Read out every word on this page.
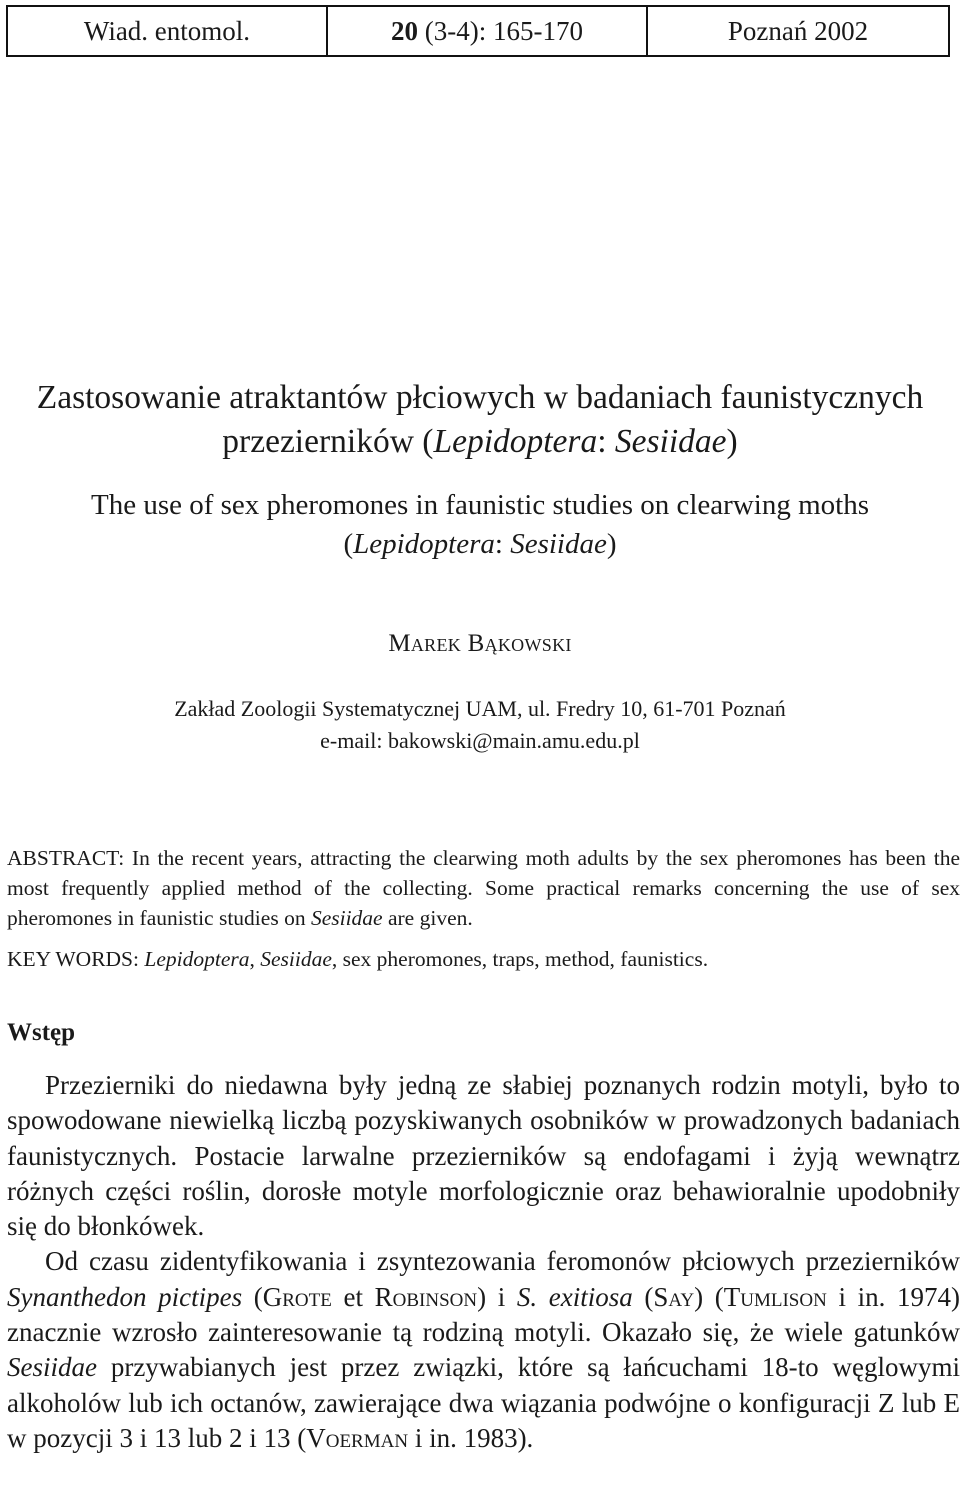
Wiad. entomol.	20
(3-4): 165-170	Poznań 2002
Zastosowanie atraktantów płciowych w badaniach faunistycznych
przezierników (Lepidoptera: Sesiidae)
The use of sex pheromones in faunistic studies on clearwing moths
(Lepidoptera: Sesiidae)
Marek Bąkowski
Zakład Zoologii Systematycznej UAM, ul. Fredry 10, 61-701 Poznań
e-mail: bakowski@main.amu.edu.pl
ABSTRACT: In the recent years, attracting the clearwing moth adults by the sex pheromones has been the most frequently applied method of the collecting. Some practical remarks concerning the use of sex pheromones in faunistic studies on Sesiidae are given.
KEY WORDS: Lepidoptera, Sesiidae, sex pheromones, traps, method, faunistics.
Wstęp

Przezierniki do niedawna były jedną ze słabiej poznanych rodzin motyli, było to spowodowane niewielką liczbą pozyskiwanych osobników w prowadzonych badaniach faunistycznych. Postacie larwalne przezierników są endofagami i żyją wewnątrz różnych części roślin, dorosłe motyle morfologicznie oraz behawioralnie upodobniły się do błonkówek.

Od czasu zidentyfikowania i zsyntezowania feromonów płciowych przezierników Synanthedon pictipes (Grote et Robinson) i S. exitiosa (Say) (Tumlison i in. 1974) znacznie wzrosło zainteresowanie tą rodziną motyli. Okazało się, że wiele gatunków Sesiidae przywabianych jest przez związki, które są łańcuchami 18-to węglowymi alkoholów lub ich octanów, zawierające dwa wiązania podwójne o konfiguracji Z lub E w pozycji 3 i 13 lub 2 i 13 (Voerman i in. 1983).
